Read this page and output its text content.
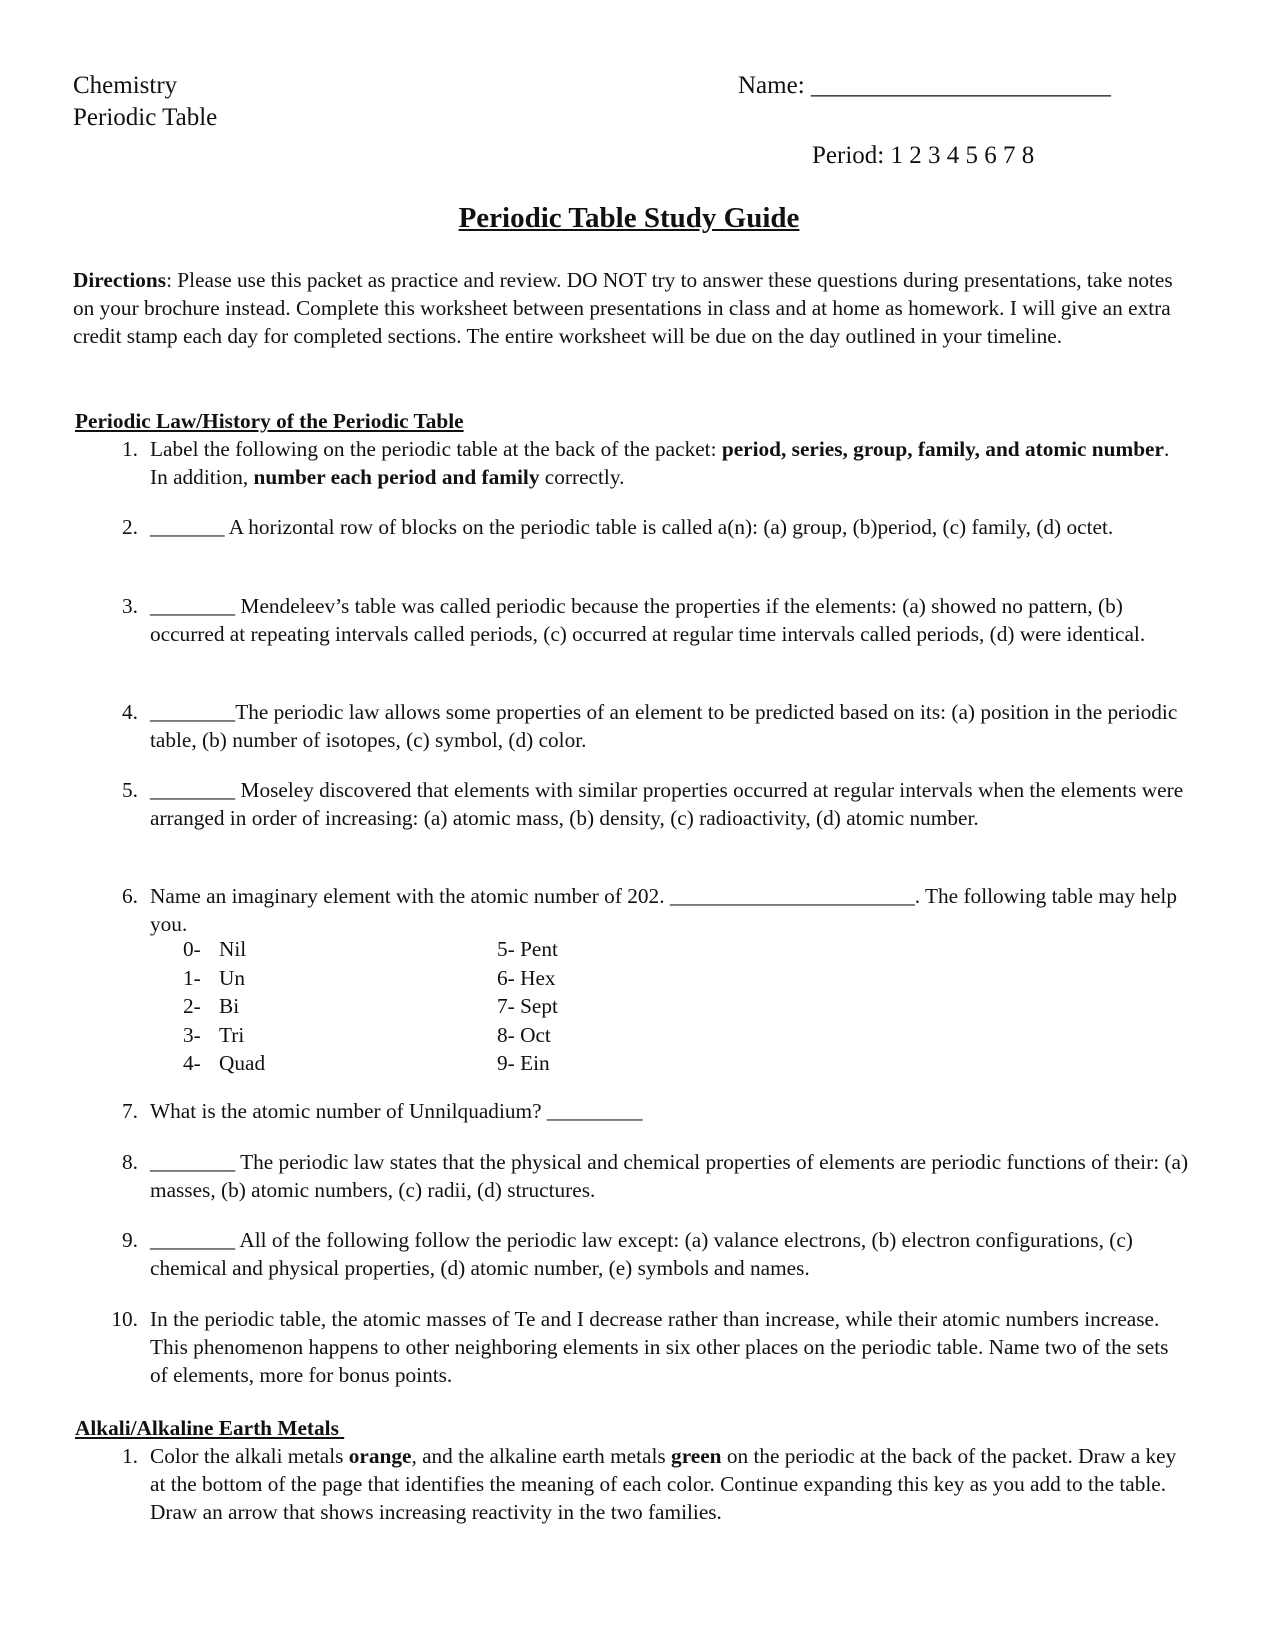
Chemistry
Periodic Table
Name: ________________________
Period: 1 2 3 4 5 6 7 8
Periodic Table Study Guide
Directions: Please use this packet as practice and review. DO NOT try to answer these questions during presentations, take notes on your brochure instead. Complete this worksheet between presentations in class and at home as homework. I will give an extra credit stamp each day for completed sections. The entire worksheet will be due on the day outlined in your timeline.
Periodic Law/History of the Periodic Table
1. Label the following on the periodic table at the back of the packet: period, series, group, family, and atomic number. In addition, number each period and family correctly.
2. _______ A horizontal row of blocks on the periodic table is called a(n): (a) group, (b)period, (c) family, (d) octet.
3. ________ Mendeleev’s table was called periodic because the properties if the elements: (a) showed no pattern, (b) occurred at repeating intervals called periods, (c) occurred at regular time intervals called periods, (d) were identical.
4. ________The periodic law allows some properties of an element to be predicted based on its: (a) position in the periodic table, (b) number of isotopes, (c) symbol, (d) color.
5. ________ Moseley discovered that elements with similar properties occurred at regular intervals when the elements were arranged in order of increasing: (a) atomic mass, (b) density, (c) radioactivity, (d) atomic number.
6. Name an imaginary element with the atomic number of 202. _______________________. The following table may help you.
0- Nil
1- Un
2- Bi
3- Tri
4- Quad
5- Pent
6- Hex
7- Sept
8- Oct
9- Ein
7. What is the atomic number of Unnilquadium? _________
8. ________ The periodic law states that the physical and chemical properties of elements are periodic functions of their: (a) masses, (b) atomic numbers, (c) radii, (d) structures.
9. ________ All of the following follow the periodic law except: (a) valance electrons, (b) electron configurations, (c) chemical and physical properties, (d) atomic number, (e) symbols and names.
10. In the periodic table, the atomic masses of Te and I decrease rather than increase, while their atomic numbers increase. This phenomenon happens to other neighboring elements in six other places on the periodic table. Name two of the sets of elements, more for bonus points.
Alkali/Alkaline Earth Metals
1. Color the alkali metals orange, and the alkaline earth metals green on the periodic at the back of the packet. Draw a key at the bottom of the page that identifies the meaning of each color. Continue expanding this key as you add to the table. Draw an arrow that shows increasing reactivity in the two families.
